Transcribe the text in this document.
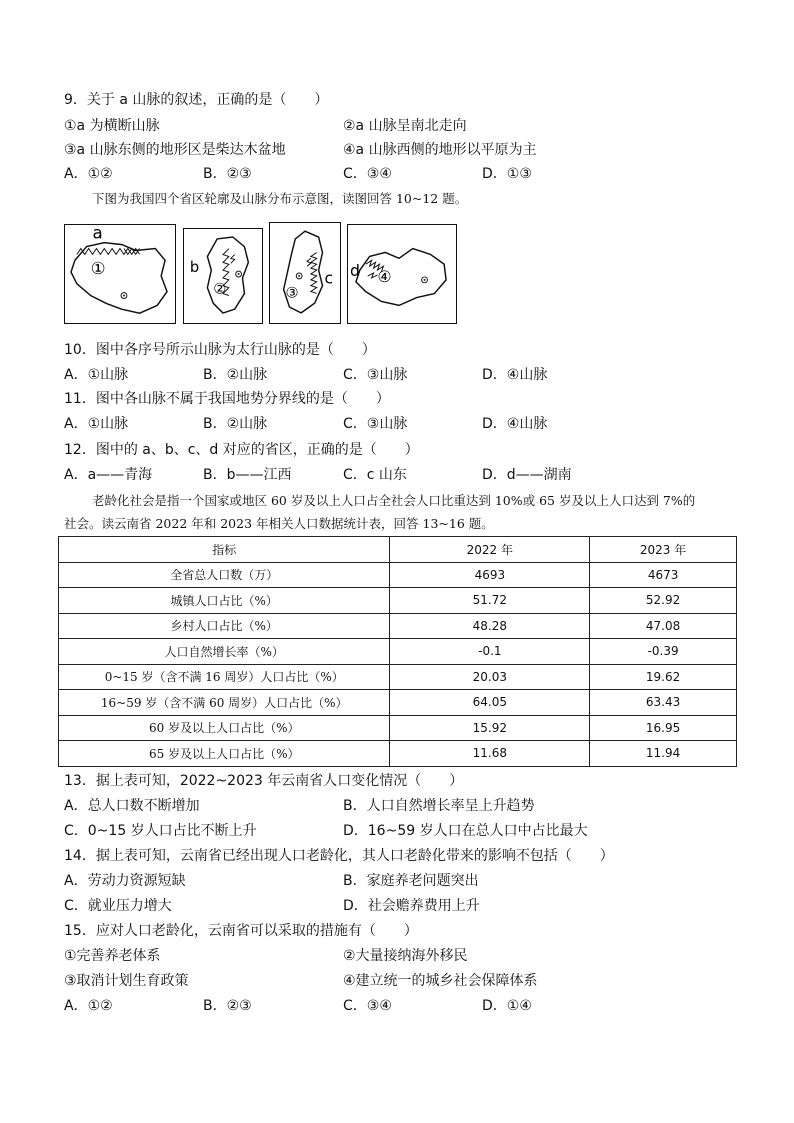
9．关于 a 山脉的叙述，正确的是（　　）
①a 为横断山脉	②a 山脉呈南北走向
③a 山脉东侧的地形区是柴达木盆地	④a 山脉西侧的地形以平原为主
A．①②	B．②③	C．③④	D．①③
下图为我国四个省区轮廓及山脉分布示意图，读图回答 10~12 题。
a
①	b
②
c
③
d ④
10．图中各序号所示山脉为太行山脉的是（　　）
A．①山脉	B．②山脉	C．③山脉	D．④山脉
11．图中各山脉不属于我国地势分界线的是（　　）
A．①山脉	B．②山脉	C．③山脉	D．④山脉
12．图中的 a、b、c、d 对应的省区，正确的是（　　）
A．a——青海	B．b——江西	C．c 山东	D．d——湖南
老龄化社会是指一个国家或地区 60 岁及以上人口占全社会人口比重达到 10%或 65 岁及以上人口达到 7%的
社会。读云南省 2022 年和 2023 年相关人口数据统计表，回答 13~16 题。
指标	2022 年	2023 年
全省总人口数（万）	4693	4673
城镇人口占比（%）	51.72	52.92
乡村人口占比（%）	48.28	47.08
人口自然增长率（%）	-0.1	-0.39
0~15 岁（含不满 16 周岁）人口占比（%）	20.03	19.62
16~59 岁（含不满 60 周岁）人口占比（%）	64.05	63.43
60 岁及以上人口占比（%）	15.92	16.95
65 岁及以上人口占比（%）	11.68	11.94
13．据上表可知，2022~2023 年云南省人口变化情况（　　）
A．总人口数不断增加	B．人口自然增长率呈上升趋势
C．0~15 岁人口占比不断上升	D．16~59 岁人口在总人口中占比最大
14．据上表可知，云南省已经出现人口老龄化，其人口老龄化带来的影响不包括（　　）
A．劳动力资源短缺	B．家庭养老问题突出
C．就业压力增大	D．社会赡养费用上升
15．应对人口老龄化，云南省可以采取的措施有（　　）
①完善养老体系	②大量接纳海外移民
③取消计划生育政策	④建立统一的城乡社会保障体系
A．①②	B．②③	C．③④	D．①④
